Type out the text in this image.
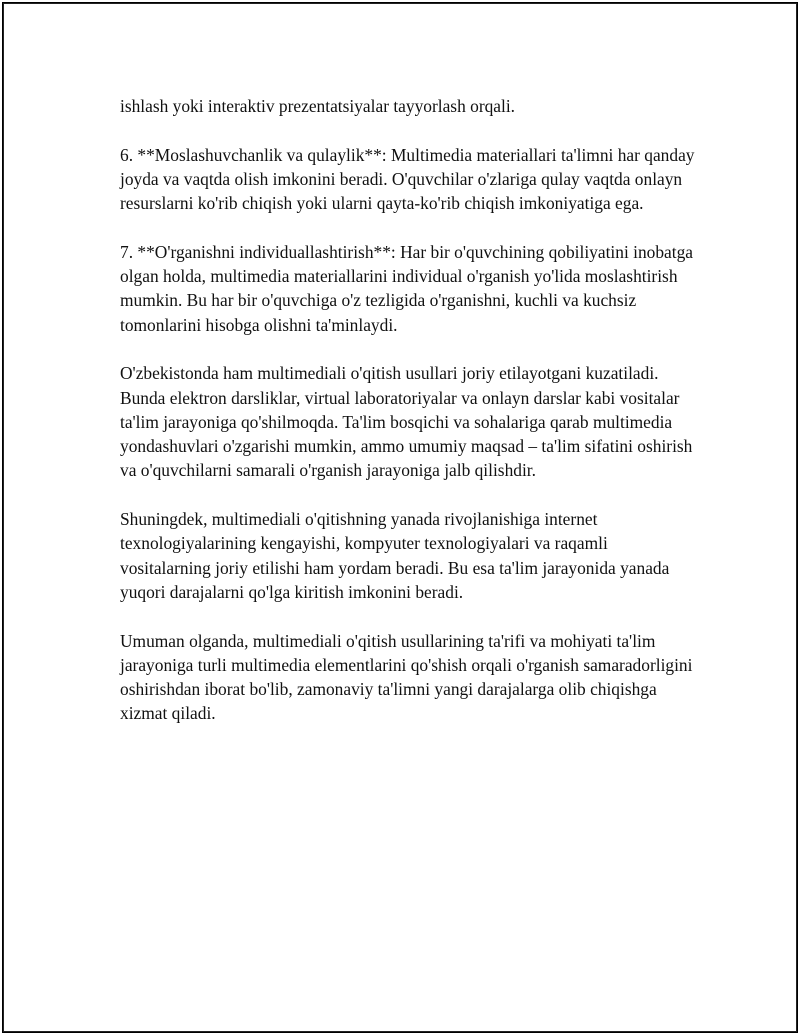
ishlash yoki interaktiv prezentatsiyalar tayyorlash orqali.

6. **Moslashuvchanlik va qulaylik**: Multimedia materiallari ta'limni har qanday joyda va vaqtda olish imkonini beradi. O'quvchilar o'zlariga qulay vaqtda onlayn resurslarni ko'rib chiqish yoki ularni qayta-ko'rib chiqish imkoniyatiga ega.

7. **O'rganishni individuallashtirish**: Har bir o'quvchining qobiliyatini inobatga olgan holda, multimedia materiallarini individual o'rganish yo'lida moslashtirish mumkin. Bu har bir o'quvchiga o'z tezligida o'rganishni, kuchli va kuchsiz tomonlarini hisobga olishni ta'minlaydi.

O'zbekistonda ham multimediali o'qitish usullari joriy etilayotgani kuzatiladi. Bunda elektron darsliklar, virtual laboratoriyalar va onlayn darslar kabi vositalar ta'lim jarayoniga qo'shilmoqda. Ta'lim bosqichi va sohalariga qarab multimedia yondashuvlari o'zgarishi mumkin, ammo umumiy maqsad – ta'lim sifatini oshirish va o'quvchilarni samarali o'rganish jarayoniga jalb qilishdir.

Shuningdek, multimediali o'qitishning yanada rivojlanishiga internet texnologiyalarining kengayishi, kompyuter texnologiyalari va raqamli vositalarning joriy etilishi ham yordam beradi. Bu esa ta'lim jarayonida yanada yuqori darajalarni qo'lga kiritish imkonini beradi.

Umuman olganda, multimediali o'qitish usullarining ta'rifi va mohiyati ta'lim jarayoniga turli multimedia elementlarini qo'shish orqali o'rganish samaradorligini oshirishdan iborat bo'lib, zamonaviy ta'limni yangi darajalarga olib chiqishga xizmat qiladi.
